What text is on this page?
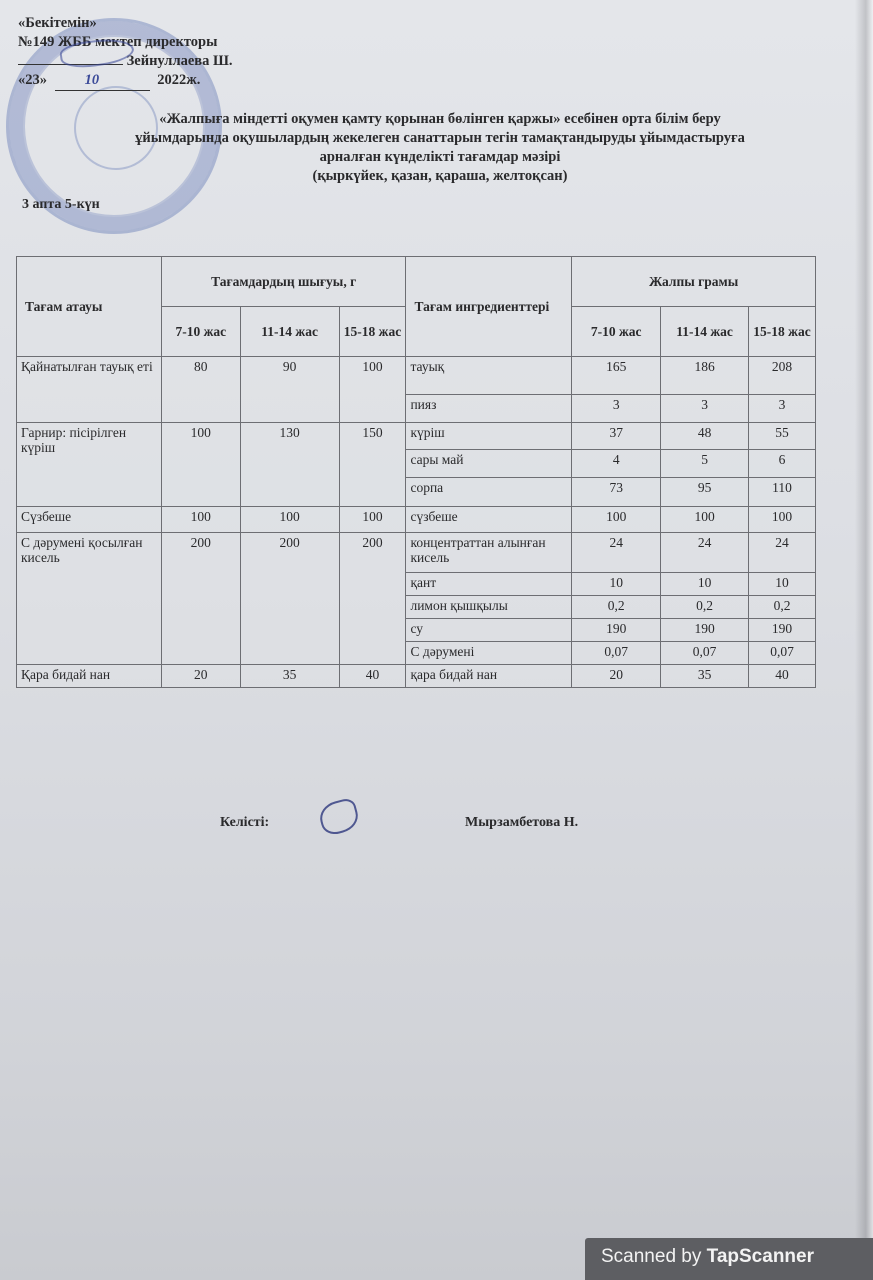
«Бекітемін»
№149 ЖББ мектеп директоры
Зейнуллаева Ш.
«23»	10	2022ж.
«Жалпыға міндетті оқумен қамту қорынан бөлінген қаржы» есебінен орта білім беру
ұйымдарында оқушылардың жекелеген санаттарын тегін тамақтандыруды ұйымдастыруға
арналған күнделікті тағамдар мәзірі
(қыркүйек, қазан, қараша, желтоқсан)
3 апта 5-күн
Тағам атауы	Тағамдардың шығуы, г			Тағам ингредиенттері	Жалпы грамы		
	7-10 жас	11-14 жас	15-18 жас		7-10 жас	11-14 жас	15-18 жас
Қайнатылған тауық еті	80	90	100	тауық	165	186	208
				пияз	3	3	3
Гарнир: пісірілген күріш	100	130	150	күріш	37	48	55
				сары май	4	5	6
				сорпа	73	95	110
Сүзбеше	100	100	100	сүзбеше	100	100	100
С дәрумені қосылған кисель	200	200	200	концентраттан алынған кисель	24	24	24
				қант	10	10	10
				лимон қышқылы	0,2	0,2	0,2
				су	190	190	190
				С дәрумені	0,07	0,07	0,07
Қара бидай нан	20	35	40	қара бидай нан	20	35	40
Келісті:	Мырзамбетова Н.
Scanned by TapScanner
